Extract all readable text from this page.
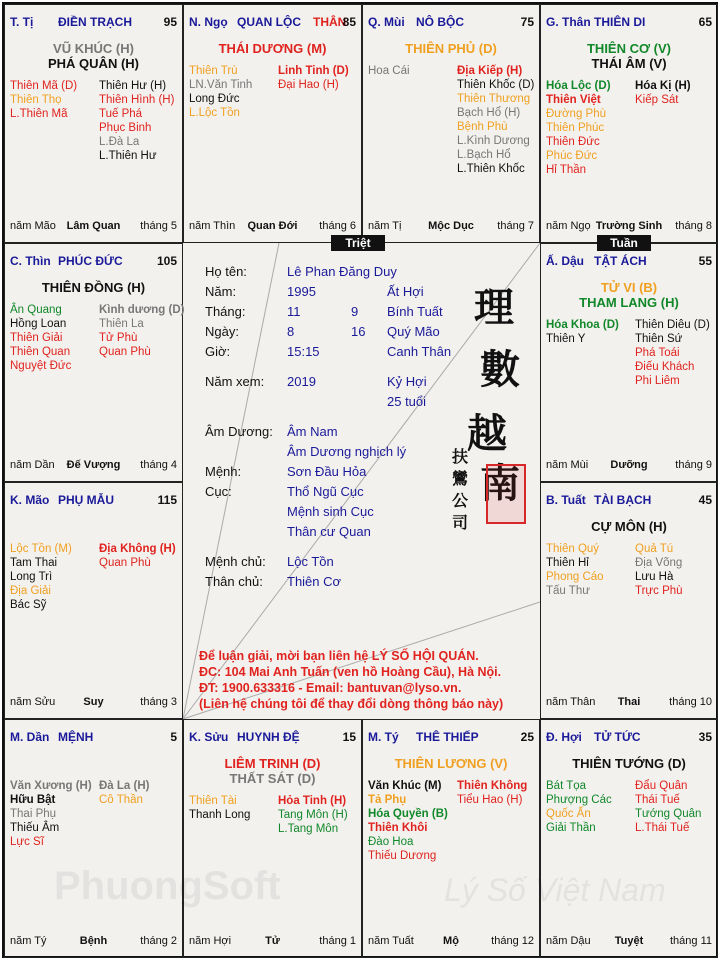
T. Tị ĐIỀN TRẠCH	95
VŨ KHÚC (H)
PHÁ QUÂN (H)
Thiên Mã (D)
Thiên Thọ
L.Thiên Mã
Thiên Hư (H)
Thiên Hình (H)
Tuế Phá
Phục Binh
L.Đà La
L.Thiên Hư
năm Mão Lâm Quan	tháng 5
N. Ngọ QUAN LỘC THÂN
85
THÁI DƯƠNG (M)
Thiên Trù
LN.Văn Tinh
Long Đức
L.Lộc Tồn
Linh Tinh (D)
Đại Hao (H)
năm Thìn	Quan Đới	tháng 6
Q. Mùi NÔ BỘC	75
THIÊN PHỦ (D)
Hoa Cái	Địa Kiếp (H)
Thiên Khốc (D)
Thiên Thương
Bạch Hổ (H)
Bệnh Phù
L.Kình Dương
L.Bạch Hổ
L.Thiên Khốc
năm Tị	Mộc Dục	tháng 7
G. Thân THIÊN DI	65
THIÊN CƠ (V)
THÁI ÂM (V)
Hóa Lộc (D)
Thiên Việt
Đường Phù
Thiên Phúc
Thiên Đức
Phúc Đức
Hỉ Thần
Hóa Kị (H)
Kiếp Sát
năm Ngọ Trường Sinh	tháng 8
C. Thìn PHÚC ĐỨC	105
THIÊN ĐỒNG (H)
Ân Quang
Hồng Loan
Thiên Giải
Thiên Quan
Nguyệt Đức
Kình dương (D)
Thiên La
Tử Phù
Quan Phù
năm Dần	Đế Vượng	tháng 4
Ấ. Dậu TẬT ÁCH	55
TỬ VI (B)
THAM LANG (H)
Hóa Khoa (D)
Thiên Y
Thiên Diêu (D)
Thiên Sứ
Phá Toái
Điếu Khách
Phi Liêm
năm Mùi	Dưỡng	tháng 9
K. Mão PHỤ MẪU	115
Lộc Tồn (M)
Tam Thai
Long Trì
Địa Giải
Bác Sỹ
Địa Không (H)
Quan Phù
năm Sửu	Suy	tháng 3
B. Tuất TÀI BẠCH	45
CỰ MÔN (H)
Thiên Quý
Thiên Hỉ
Phong Cáo
Tấu Thư
Quả Tú
Địa Võng
Lưu Hà
Trực Phù
năm Thân	Thai	tháng 10
M. Dần MỆNH	5
Văn Xương (H)
Hữu Bật
Thai Phụ
Thiếu Âm
Lực Sĩ
Đà La (H)
Cô Thần
năm Tý	Bệnh	tháng 2
K. Sửu HUYNH ĐỆ	15
LIÊM TRINH (D)
THẤT SÁT (D)
Thiên Tài
Thanh Long
Hỏa Tinh (H)
Tang Môn (H)
L.Tang Môn
năm Hợi	Tử	tháng 1
M. Tý THÊ THIẾP	25
THIÊN LƯƠNG (V)
Văn Khúc (M)
Tả Phụ
Hóa Quyền (B)
Thiên Khôi
Đào Hoa
Thiếu Dương
Thiên Không
Tiểu Hao (H)
năm Tuất	Mộ	tháng 12
Đ. Hợi TỬ TỨC	35
THIÊN TƯỚNG (D)
Bát Tọa
Phượng Các
Quốc Ấn
Giải Thần
Đẩu Quân
Thái Tuế
Tướng Quân
L.Thái Tuế
năm Dậu	Tuyệt	tháng 11
Triệt	Tuần
Họ tên:	Lê Phan Đăng Duy
Năm:	1995	Ất Hợi
Tháng:	11	9 Bính Tuất
Ngày:	8	16 Quý Mão
Giờ:	15:15	Canh Thân
Năm xem: 2019	Kỷ Hợi
25 tuổi
Âm Dương: Âm Nam
Âm Dương nghịch lý
Mệnh:	Sơn Đầu Hỏa
Cục:	Thổ Ngũ Cục
Mệnh sinh Cục
Thân cư Quan
Mệnh chủ: Lộc Tồn
Thân chủ: Thiên Cơ
理
數
越
南
扶
鸞
公
司
Để luận giải, mời bạn liên hệ LÝ SỐ HỘI QUÁN.
ĐC: 104 Mai Anh Tuấn (ven hồ Hoàng Cầu), Hà Nội.
ĐT: 1900.633316 - Email: bantuvan@lyso.vn.
(Liên hệ chúng tôi để thay đổi dòng thông báo này)
PhuongSoft	Lý Số Việt Nam
